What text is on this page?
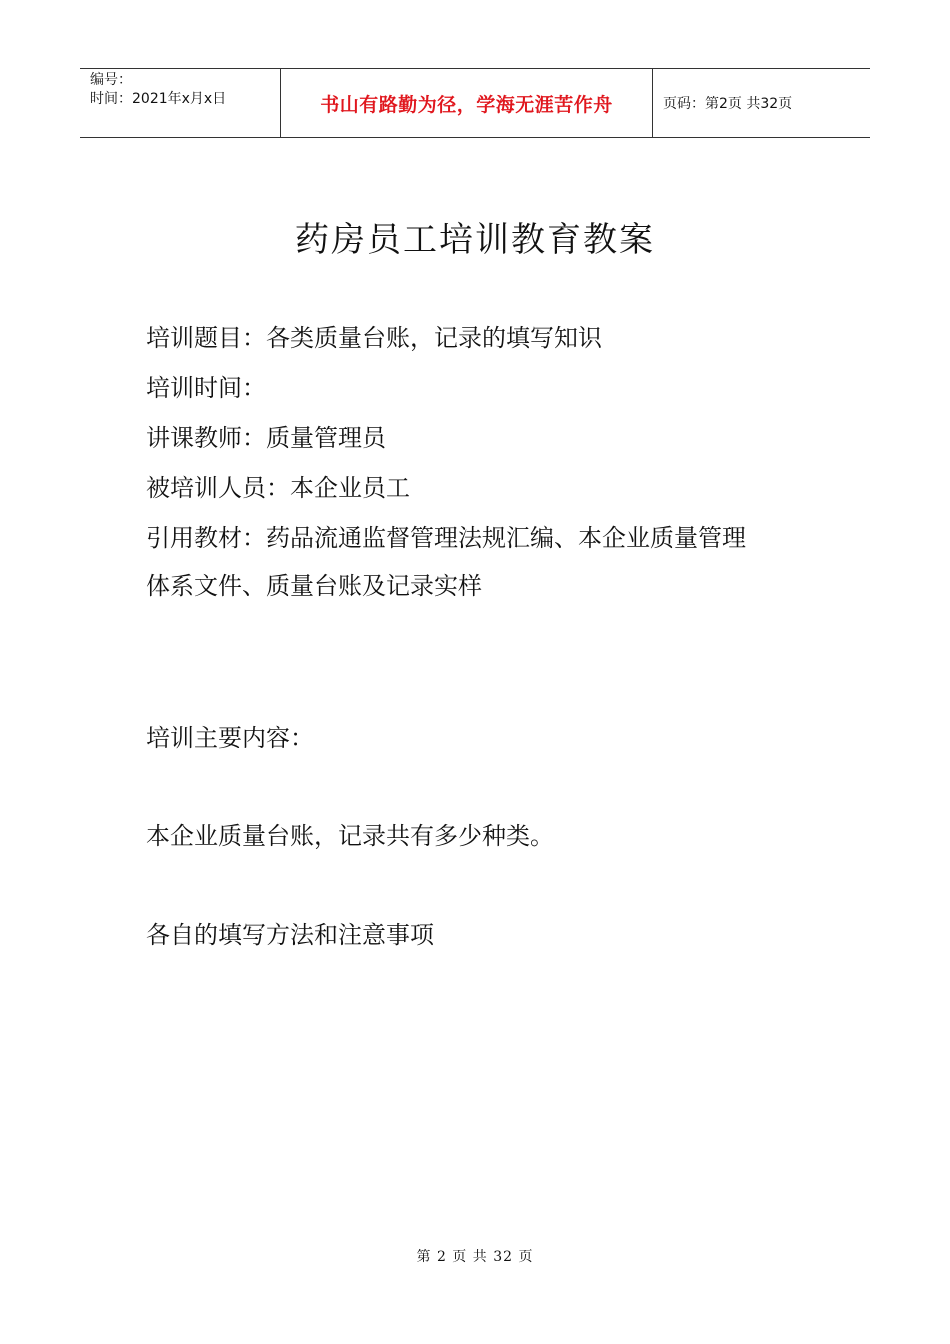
编号：
时间：2021年x月x日	书山有路勤为径，学海无涯苦作舟	页码：第2页 共32页
药房员工培训教育教案
培训题目：各类质量台账，记录的填写知识
培训时间：
讲课教师：质量管理员
被培训人员：本企业员工
引用教材：药品流通监督管理法规汇编、本企业质量管理
体系文件、质量台账及记录实样
培训主要内容：
本企业质量台账，记录共有多少种类。
各自的填写方法和注意事项
第 2 页 共 32 页
